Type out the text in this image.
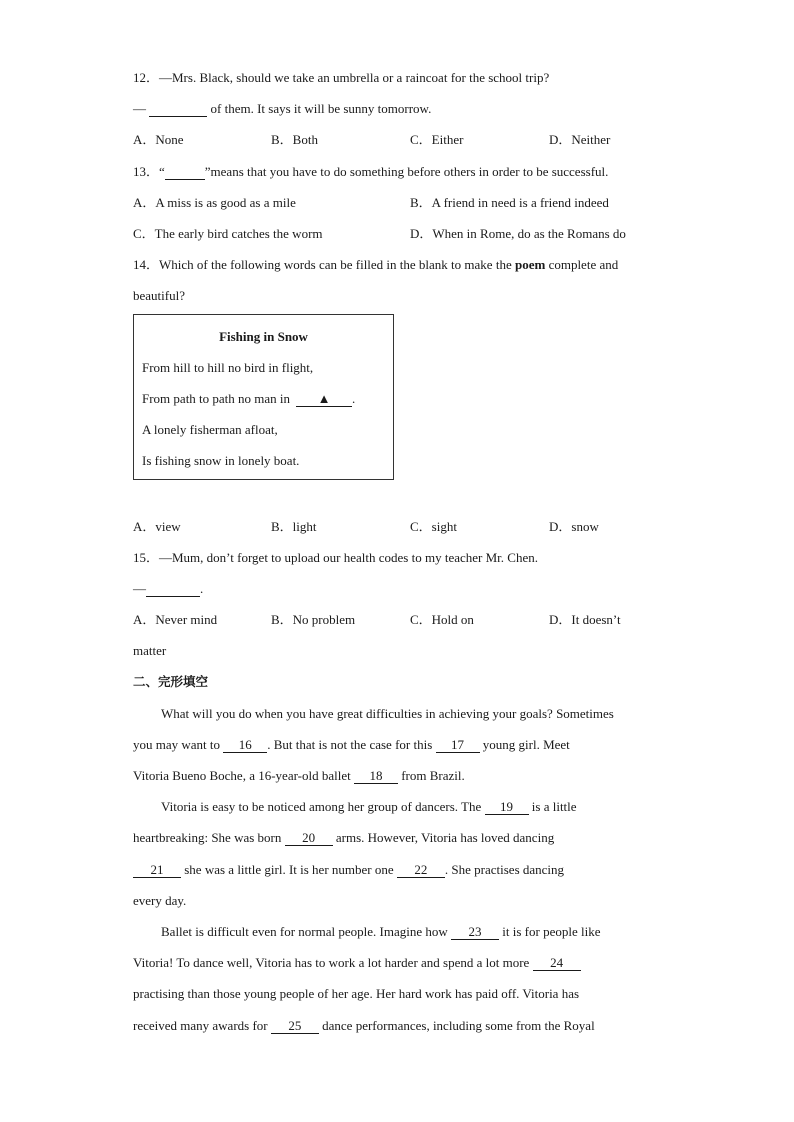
12．—Mrs. Black, should we take an umbrella or a raincoat for the school trip?
—	of them. It says it will be sunny tomorrow.
A．None	B．Both	C．Either	D．Neither
13．“	”means that you have to do something before others in order to be successful.
A．A miss is as good as a mile	B．A friend in need is a friend indeed
C．The early bird catches the worm	D．When in Rome, do as the Romans do
14．Which of the following words can be filled in the blank to make the poem complete and
beautiful?
Fishing in Snow
From hill to hill no bird in flight,
From path to path no man in ▲ .
A lonely fisherman afloat,
Is fishing snow in lonely boat.
A．view	B．light	C．sight	D．snow
15．—Mum, don’t forget to upload our health codes to my teacher Mr. Chen.
—	.
A．Never mind	B．No problem	C．Hold on	D．It doesn’t
matter
二、完形填空
What will you do when you have great difficulties in achieving your goals? Sometimes
you may want to 16 . But that is not the case for this 17 young girl. Meet
Vitoria Bueno Boche, a 16-year-old ballet 18 from Brazil.
Vitoria is easy to be noticed among her group of dancers. The 19 is a little
heartbreaking: She was born 20 arms. However, Vitoria has loved dancing
21 she was a little girl. It is her number one 22 . She practises dancing
every day.
Ballet is difficult even for normal people. Imagine how 23 it is for people like
Vitoria! To dance well, Vitoria has to work a lot harder and spend a lot more 24
practising than those young people of her age. Her hard work has paid off. Vitoria has
received many awards for 25 dance performances, including some from the Royal
